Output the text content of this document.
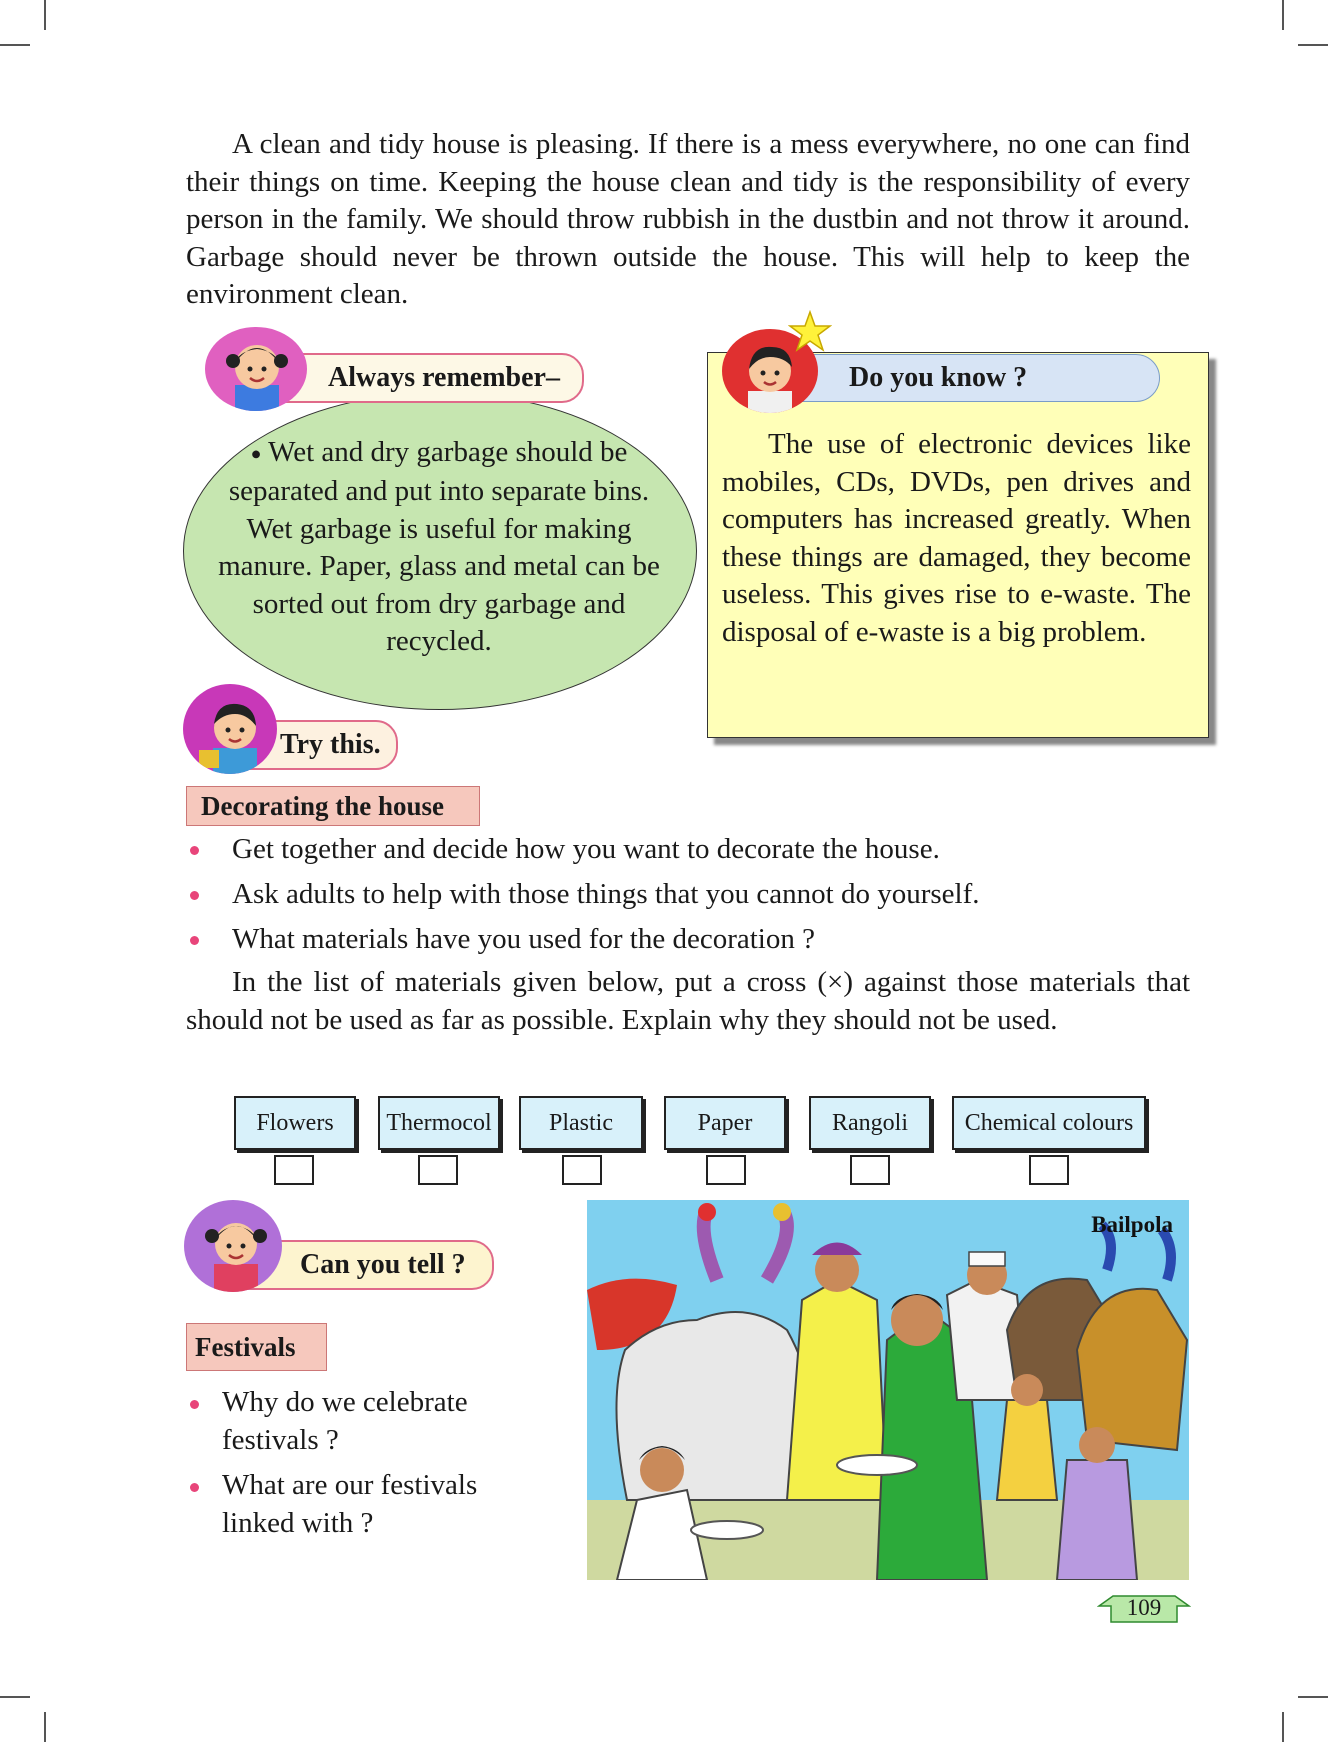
A clean and tidy house is pleasing. If there is a mess everywhere, no one can find their things on time. Keeping the house clean and tidy is the responsibility of every person in the family. We should throw rubbish in the dustbin and not throw it around. Garbage should never be thrown outside the house. This will help to keep the environment clean.

Always remember–

● Wet and dry garbage should be separated and put into separate bins. Wet garbage is useful for making manure. Paper, glass and metal can be sorted out from dry garbage and recycled.

Do you know ?

The use of electronic devices like mobiles, CDs, DVDs, pen drives and computers has increased greatly. When these things are damaged, they become useless. This gives rise to e-waste. The disposal of e-waste is a big problem.

Try this.
Decorating the house
Get together and decide how you want to decorate the house.
Ask adults to help with those things that you cannot do yourself.
What materials have you used for the decoration ?

In the list of materials given below, put a cross (×) against those materials that should not be used as far as possible. Explain why they should not be used.

Flowers Thermocol Plastic	Paper	Rangoli Chemical colours
Can you tell ?
Festivals
Why do we celebrate festivals ?
What are our festivals linked with ?
Bailpola
109
